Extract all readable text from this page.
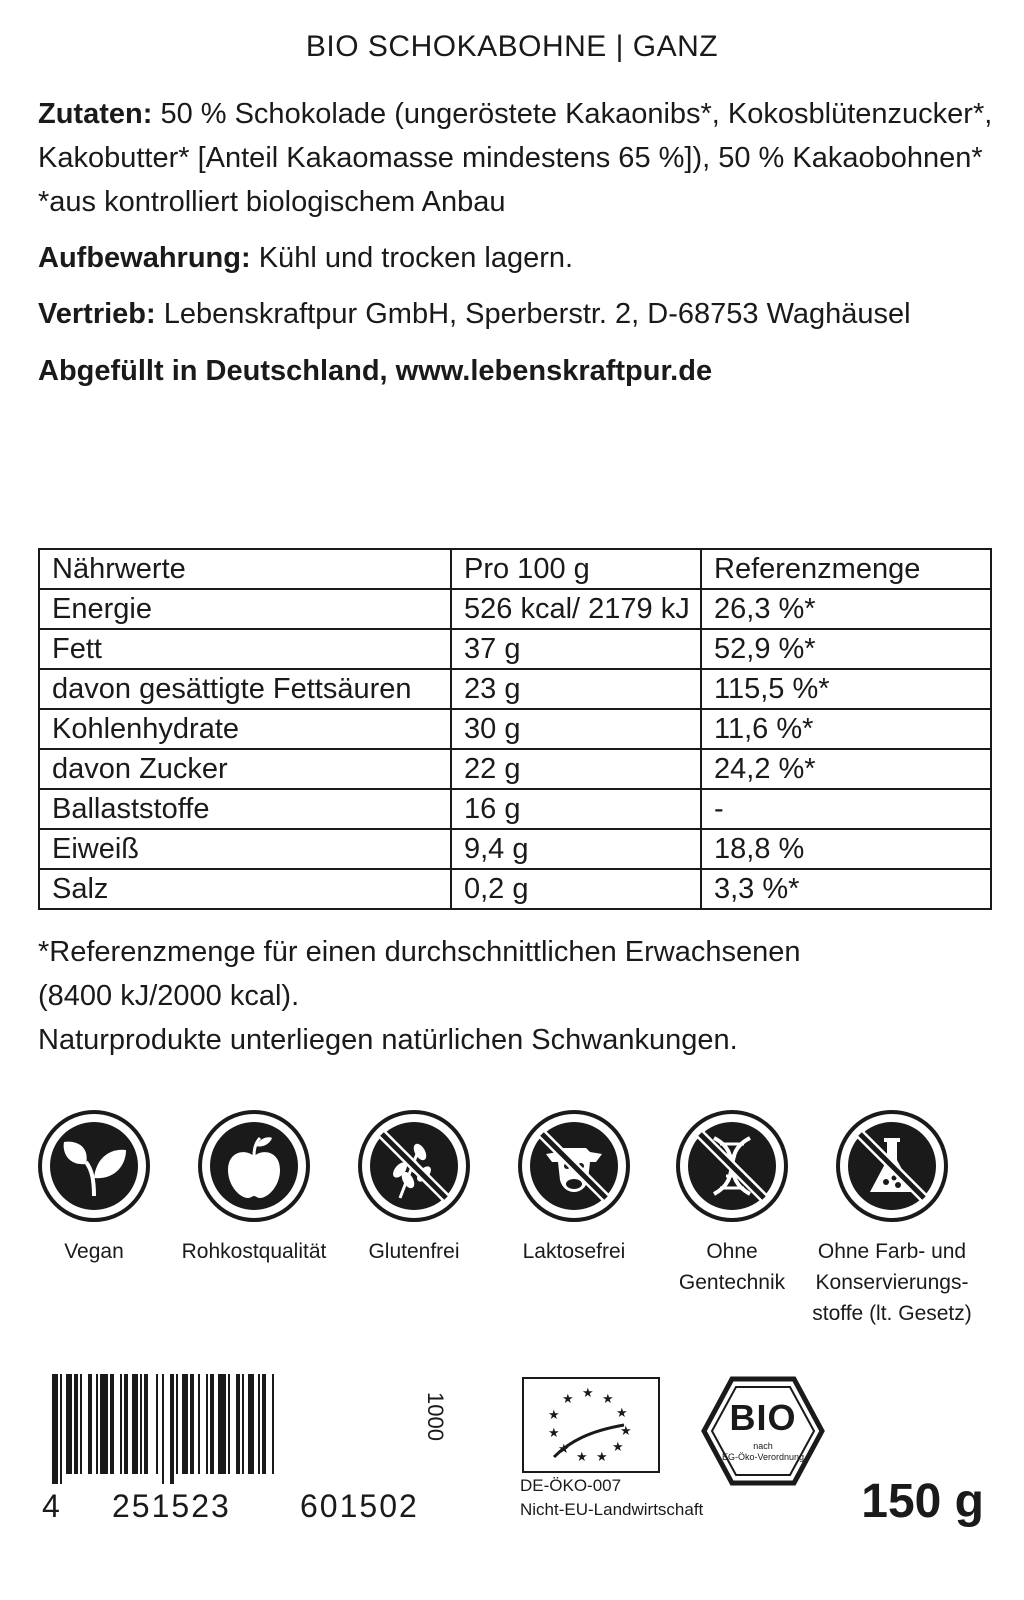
BIO SCHOKABOHNE | GANZ
Zutaten: 50 % Schokolade (ungeröstete Kakaonibs*, Kokosblütenzucker*,
Kakobutter* [Anteil Kakaomasse mindestens 65 %]), 50 % Kakaobohnen*
*aus kontrolliert biologischem Anbau
Aufbewahrung: Kühl und trocken lagern.
Vertrieb: Lebenskraftpur GmbH, Sperberstr. 2, D-68753 Waghäusel
Abgefüllt in Deutschland, www.lebenskraftpur.de
Nährwerte	Pro 100 g	Referenzmenge
Energie	526 kcal/ 2179 kJ	26,3 %*
Fett	37 g	52,9 %*
davon gesättigte Fettsäuren	23 g	115,5 %*
Kohlenhydrate	30 g	11,6 %*
davon Zucker	22 g	24,2 %*
Ballaststoffe	16 g	-
Eiweiß	9,4 g	18,8 %
Salz	0,2 g	3,3 %*
*Referenzmenge für einen durchschnittlichen Erwachsenen
(8400 kJ/2000 kcal).
Naturprodukte unterliegen natürlichen Schwankungen.
Vegan	Rohkostqualität	Glutenfrei	Laktosefrei	Ohne
Gentechnik
Ohne Farb- und
Konservierungs-
stoffe (lt. Gesetz)
4 251523 601502
1000	★ ★ ★
★
★
★
★
★
★
★
★
DE-ÖKO-007
Nicht-EU-Landwirtschaft
BIO
nach
EG-Öko-Verordnung
150 g
